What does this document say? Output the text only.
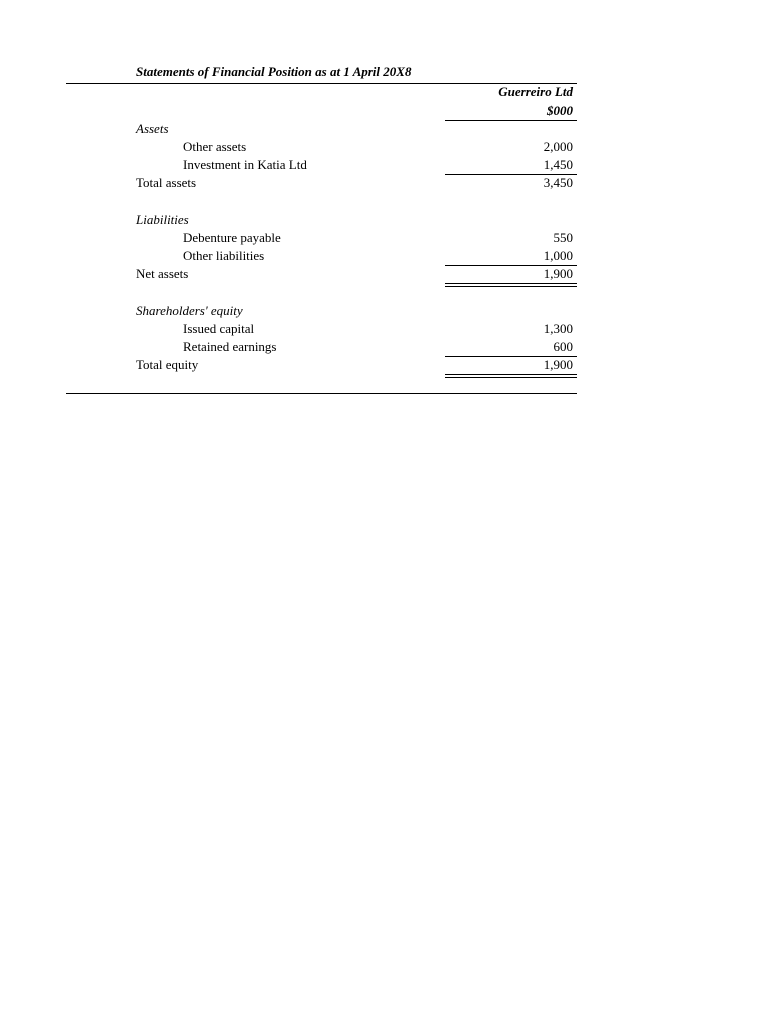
Statements of Financial Position as at 1 April 20X8
Guerreiro Ltd
$000
Assets
Other assets	2,000
Investment in Katia Ltd	1,450
Total assets	3,450
Liabilities
Debenture payable	550
Other liabilities	1,000
Net assets	1,900
Shareholders' equity
Issued capital	1,300
Retained earnings	600
Total equity	1,900
